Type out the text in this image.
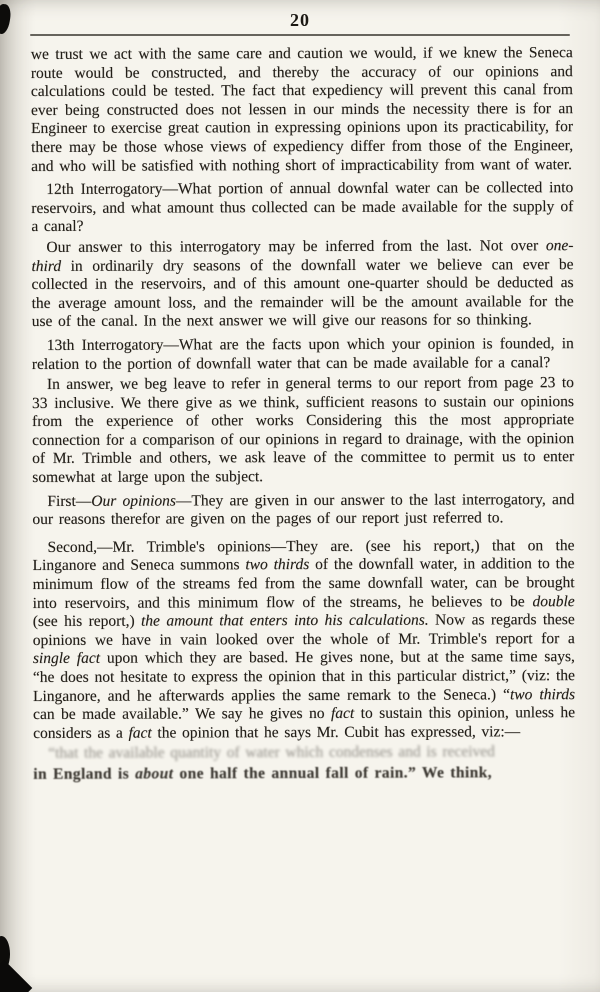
20

we trust we act with the same care and caution we would, if we knew the Seneca route would be constructed, and thereby the accuracy of our opinions and calculations could be tested. The fact that expediency will prevent this canal from ever being constructed does not lessen in our minds the necessity there is for an Engineer to exercise great caution in expressing opinions upon its practicability, for there may be those whose views of expediency differ from those of the Engineer, and who will be satisfied with nothing short of impracticability from want of water.

12th Interrogatory—What portion of annual downfal water can be collected into reservoirs, and what amount thus collected can be made available for the supply of a canal?

Our answer to this interrogatory may be inferred from the last. Not over one-third in ordinarily dry seasons of the downfall water we believe can ever be collected in the reservoirs, and of this amount one-quarter should be deducted as the average amount loss, and the remainder will be the amount available for the use of the canal. In the next answer we will give our reasons for so thinking.

13th Interrogatory—What are the facts upon which your opinion is founded, in relation to the portion of downfall water that can be made available for a canal?

In answer, we beg leave to refer in general terms to our report from page 23 to 33 inclusive. We there give as we think, sufficient reasons to sustain our opinions from the experience of other works Considering this the most appropriate connection for a comparison of our opinions in regard to drainage, with the opinion of Mr. Trimble and others, we ask leave of the committee to permit us to enter somewhat at large upon the subject.

First—Our opinions—They are given in our answer to the last interrogatory, and our reasons therefor are given on the pages of our report just referred to.

Second,—Mr. Trimble's opinions—They are. (see his report,) that on the Linganore and Seneca summons two thirds of the downfall water, in addition to the minimum flow of the streams fed from the same downfall water, can be brought into reservoirs, and this minimum flow of the streams, he believes to be double (see his report,) the amount that enters into his calculations. Now as regards these opinions we have in vain looked over the whole of Mr. Trimble's report for a single fact upon which they are based. He gives none, but at the same time says, “he does not hesitate to express the opinion that in this particular district,” (viz: the Linganore, and he afterwards applies the same remark to the Seneca.) “two thirds can be made available.” We say he gives no fact to sustain this opinion, unless he considers as a fact the opinion that he says Mr. Cubit has expressed, viz:—

“that the available quantity of water which condenses and is received

in England is about one half the annual fall of rain.” We think,
